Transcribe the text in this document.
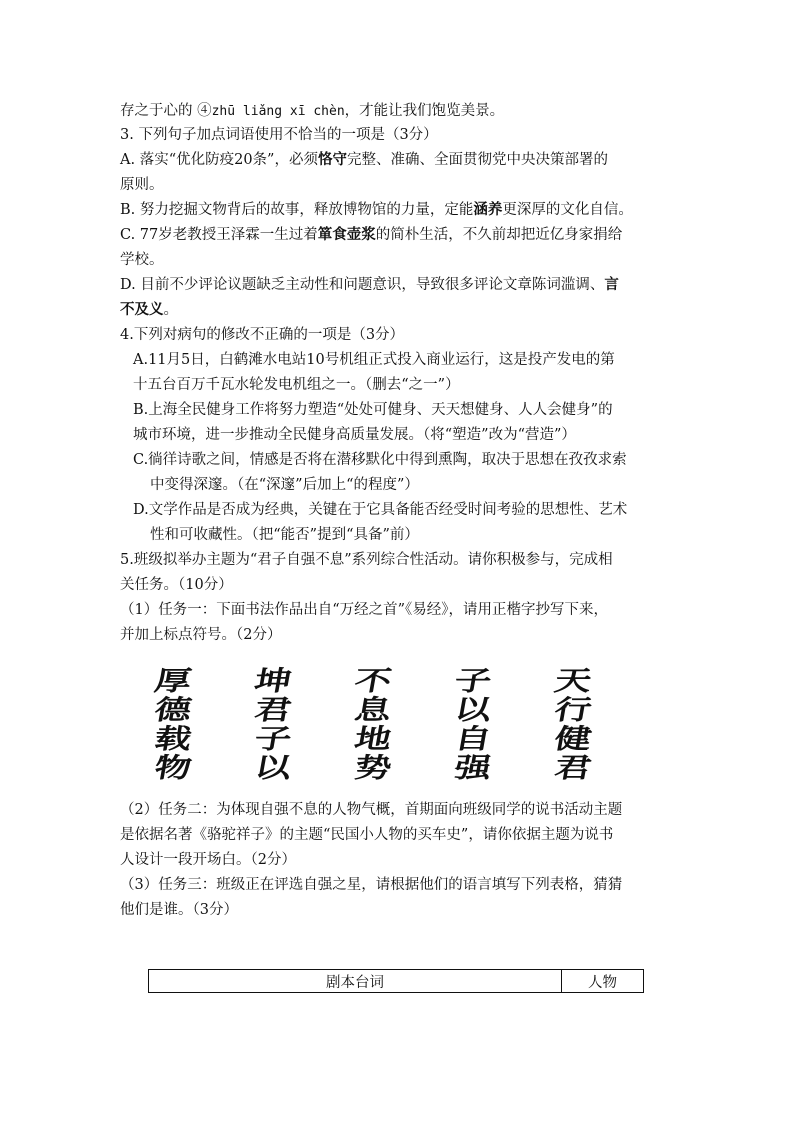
存之于心的 ④zhū liǎng xī chèn，才能让我们饱览美景。
3. 下列句子加点词语使用不恰当的一项是（3分）
A. 落实“优化防疫20条”，必须恪守完整、准确、全面贯彻党中央决策部署的
原则。
B. 努力挖掘文物背后的故事，释放博物馆的力量，定能涵养更深厚的文化自信。
C. 77岁老教授王泽霖一生过着箪食壶浆的简朴生活，不久前却把近亿身家捐给
学校。
D. 目前不少评论议题缺乏主动性和问题意识，导致很多评论文章陈词滥调、言
不及义。
4.下列对病句的修改不正确的一项是（3分）
A.11月5日，白鹤滩水电站10号机组正式投入商业运行，这是投产发电的第
十五台百万千瓦水轮发电机组之一。（删去“之一”）
B.上海全民健身工作将努力塑造“处处可健身、天天想健身、人人会健身”的
城市环境，进一步推动全民健身高质量发展。（将“塑造”改为“营造”）
C.徜徉诗歌之间，情感是否将在潜移默化中得到熏陶，取决于思想在孜孜求索
中变得深邃。（在“深邃”后加上“的程度”）
D.文学作品是否成为经典，关键在于它具备能否经受时间考验的思想性、艺术
性和可收藏性。（把“能否”提到“具备”前）
5.班级拟举办主题为“君子自强不息”系列综合性活动。请你积极参与，完成相
关任务。（10分）
（1）任务一：下面书法作品出自“万经之首”《易经》，请用正楷字抄写下来，
并加上标点符号。（2分）
厚
德
载
物
坤
君
子
以
不
息
地
势
子
以
自
强
天
行
健
君
（2）任务二：为体现自强不息的人物气概，首期面向班级同学的说书活动主题
是依据名著《骆驼祥子》的主题“民国小人物的买车史”，请你依据主题为说书
人设计一段开场白。（2分）
（3）任务三：班级正在评选自强之星，请根据他们的语言填写下列表格，猜猜
他们是谁。（3分）
剧本台词	人物
